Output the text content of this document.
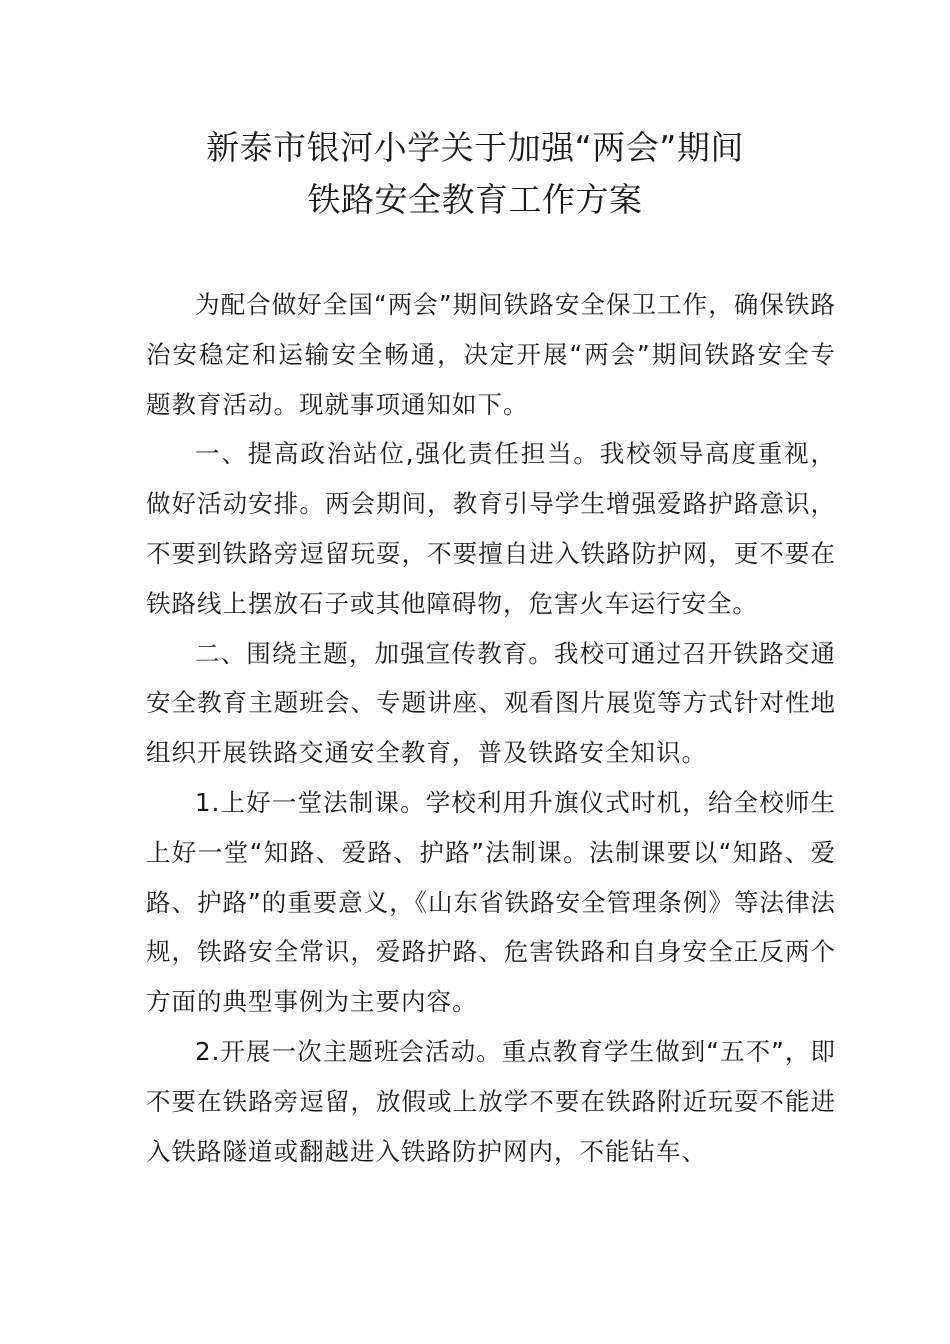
新泰市银河小学关于加强“两会”期间
铁路安全教育工作方案

为配合做好全国“两会”期间铁路安全保卫工作，确保铁路治安稳定和运输安全畅通，决定开展“两会”期间铁路安全专题教育活动。现就事项通知如下。

一、提高政治站位,强化责任担当。我校领导高度重视，做好活动安排。两会期间，教育引导学生增强爱路护路意识，不要到铁路旁逗留玩耍，不要擅自进入铁路防护网，更不要在铁路线上摆放石子或其他障碍物，危害火车运行安全。

二、围绕主题，加强宣传教育。我校可通过召开铁路交通安全教育主题班会、专题讲座、观看图片展览等方式针对性地组织开展铁路交通安全教育，普及铁路安全知识。

1.上好一堂法制课。学校利用升旗仪式时机，给全校师生上好一堂“知路、爱路、护路”法制课。法制课要以“知路、爱路、护路”的重要意义，《山东省铁路安全管理条例》等法律法规，铁路安全常识，爱路护路、危害铁路和自身安全正反两个方面的典型事例为主要内容。

2.开展一次主题班会活动。重点教育学生做到“五不”，即不要在铁路旁逗留，放假或上放学不要在铁路附近玩耍不能进入铁路隧道或翻越进入铁路防护网内，不能钻车、
